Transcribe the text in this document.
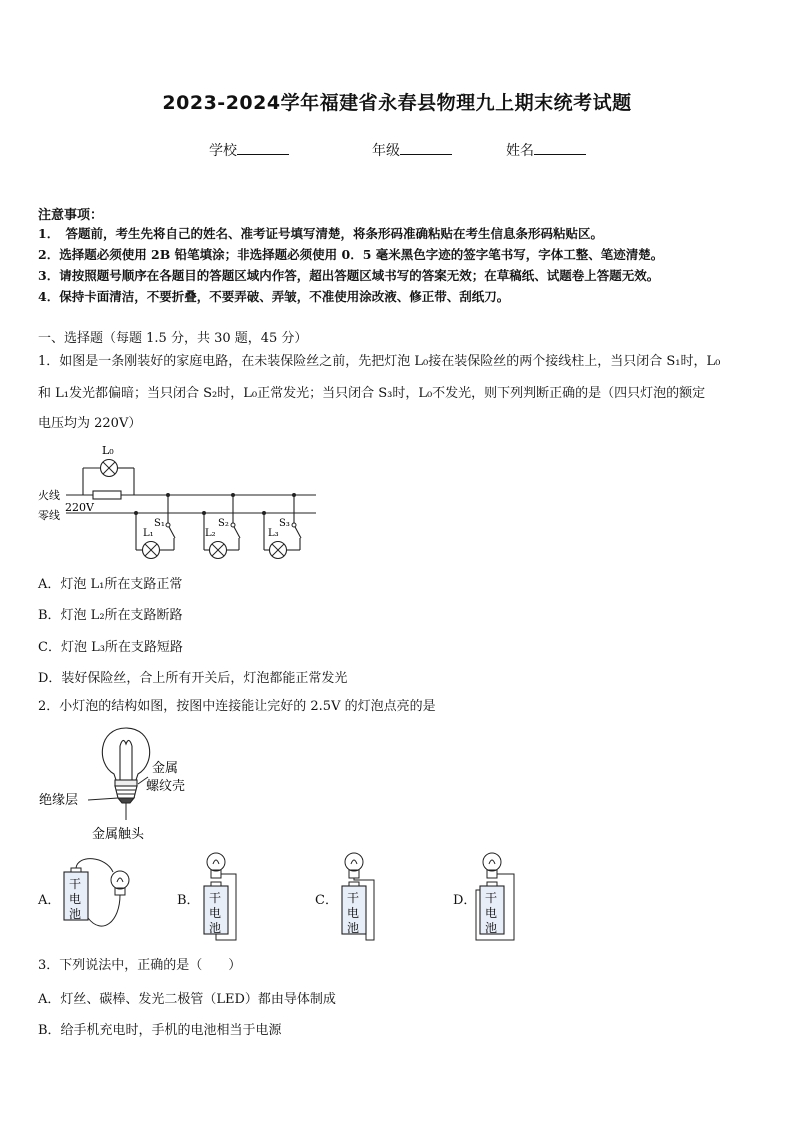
2023-2024学年福建省永春县物理九上期末统考试题
学校	年级	姓名
注意事项：
1．　答题前，考生先将自己的姓名、准考证号填写清楚，将条形码准确粘贴在考生信息条形码粘贴区。
2．选择题必须使用 2B 铅笔填涂；非选择题必须使用 0．5 毫米黑色字迹的签字笔书写，字体工整、笔迹清楚。
3．请按照题号顺序在各题目的答题区域内作答，超出答题区域书写的答案无效；在草稿纸、试题卷上答题无效。
4．保持卡面清洁，不要折叠，不要弄破、弄皱，不准使用涂改液、修正带、刮纸刀。
一、选择题（每题 1.5 分，共 30 题，45 分）
1．如图是一条刚装好的家庭电路，在未装保险丝之前，先把灯泡 L₀接在装保险丝的两个接线柱上，当只闭合 S₁时，L₀
和 L₁发光都偏暗；当只闭合 S₂时，L₀正常发光；当只闭合 S₃时，L₀不发光，则下列判断正确的是（四只灯泡的额定
电压均为 220V）
L₀
火线
零线
220V
L₁
S₁
L₂
S₂
L₃
S₃
A．灯泡 L₁所在支路正常
B．灯泡 L₂所在支路断路
C．灯泡 L₃所在支路短路
D．装好保险丝，合上所有开关后，灯泡都能正常发光
2．小灯泡的结构如图，按图中连接能让完好的 2.5V 的灯泡点亮的是
金属
螺纹壳
绝缘层
金属触头
A．	B．	C．	D．
干
电
池
干
电
池
干
电
池
干
电
池
3．下列说法中，正确的是（　　）
A．灯丝、碳棒、发光二极管（LED）都由导体制成
B．给手机充电时，手机的电池相当于电源
